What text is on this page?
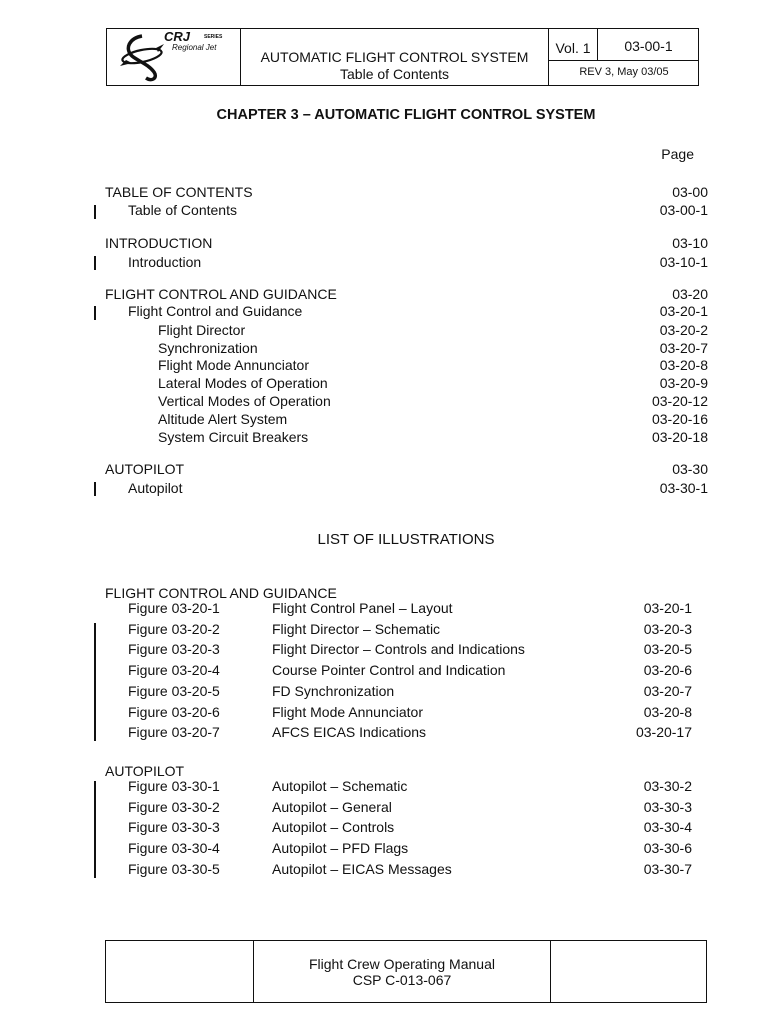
CRJ	SERIES
Regional Jet
AUTOMATIC FLIGHT CONTROL SYSTEM
Table of Contents
Vol. 1	03-00-1
REV 3, May 03/05
CHAPTER 3 – AUTOMATIC FLIGHT CONTROL SYSTEM
Page
TABLE OF CONTENTS	03-00
Table of Contents	03-00-1
INTRODUCTION	03-10
Introduction	03-10-1
FLIGHT CONTROL AND GUIDANCE	03-20
Flight Control and Guidance	03-20-1
Flight Director	03-20-2
Synchronization	03-20-7
Flight Mode Annunciator	03-20-8
Lateral Modes of Operation	03-20-9
Vertical Modes of Operation	03-20-12
Altitude Alert System	03-20-16
System Circuit Breakers	03-20-18
AUTOPILOT	03-30
Autopilot	03-30-1
LIST OF ILLUSTRATIONS
FLIGHT CONTROL AND GUIDANCE
Figure 03-20-1	Flight Control Panel – Layout	03-20-1
Figure 03-20-2	Flight Director – Schematic	03-20-3
Figure 03-20-3	Flight Director – Controls and Indications	03-20-5
Figure 03-20-4	Course Pointer Control and Indication	03-20-6
Figure 03-20-5	FD Synchronization	03-20-7
Figure 03-20-6	Flight Mode Annunciator	03-20-8
Figure 03-20-7	AFCS EICAS Indications	03-20-17
AUTOPILOT
Figure 03-30-1	Autopilot – Schematic	03-30-2
Figure 03-30-2	Autopilot – General	03-30-3
Figure 03-30-3	Autopilot – Controls	03-30-4
Figure 03-30-4	Autopilot – PFD Flags	03-30-6
Figure 03-30-5	Autopilot – EICAS Messages	03-30-7
Flight Crew Operating Manual
CSP C-013-067
